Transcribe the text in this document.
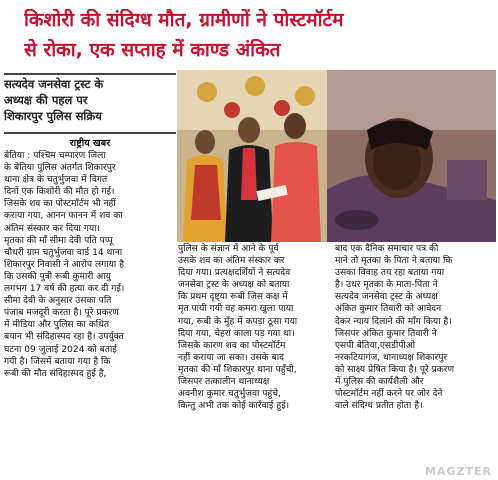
किशोरी की संदिग्ध मौत, ग्रामीणों ने पोस्टमॉर्टम
से रोका, एक सप्ताह में काण्ड अंकित
सत्यदेव जनसेवा ट्रस्ट के
अध्यक्ष की पहल पर
शिकारपुर पुलिस सक्रिय
राष्ट्रीय खबर
बेतिया : पश्चिम चम्पारण जिला
के बेतिया पुलिस अंतर्गत शिकारपुर
थाना क्षेत्र के चतुर्भुजवा में विगत
दिनों एक किशोरी की मौत हो गई।
जिसके शव का पोस्टमॉर्टम भी नहीं
कराया गया, आनन फानन में शव का
अंतिम संस्कार कर दिया गया।
मृतका की माँ सीमा देवी पति पप्पू
चौधरी ग्राम चतुर्भुजवा वार्ड 14 थाना
शिकारपुर निवासी ने आरोप लगाया है
कि उसकी पुत्री रूबी कुमारी आयु
लगभग 17 वर्ष की हत्या कर दी गई।
सीमा देवी के अनुसार उसका पति
पंजाब मजदूरी करता है। पूरे प्रकरण
में मीडिया और पुलिस का कथित
बयान भी संदिहास्पद रहा है। उपर्युक्त
घटना 09 जुलाई 2024 को बताई
गयी है। जिसमें बताया गया है कि
रूबी की मौत संदिहास्पद हुई है,
पुलिस के संज्ञान में आने के पूर्व
उसके शव का अंतिम संस्कार कर
दिया गया। प्रत्यक्षदर्शियों ने सत्यदेव
जनसेवा ट्रस्ट के अध्यक्ष को बताया
कि प्रथम दृष्ट्या रूबी जिस कक्ष में
मृत पायी गयी वह कमरा खुला पाया
गया, रूबी के मुँह में कपड़ा ठूसा गया
दिया गया, चेहरा काला पड़ गया था।
जिसके कारण शव का पोस्टमॉर्टम
नहीं कराया जा सका। उसके बाद
मृतका की माँ शिकारपुर थाना पहुँची,
जिसपर तत्कालीन थानाध्यक्ष
अवनीश कुमार चतुर्भुजवा पहुंचे,
किन्तु अभी तक कोई कार्रवाई हुई।
बाद एक दैनिक समाचार पत्र की
माने तो मृतका के पिता ने बताया कि
उसका विवाह तय रहा बताया गया
है। उधर मृतका के माता-पिता ने
सत्यदेव जनसेवा ट्रस्ट के अध्यक्ष
अंकित कुमार तिवारी को आवेदन
देकर न्याय दिलाने की माँग किया है।
जिसपर अंकित कुमार तिवारी ने
एसपी बेतिया,एसडीपीओ
नरकटियागंज, थानाध्यक्ष शिकारपुर
को साक्ष्य प्रेषित किया है। पूरे प्रकरण
में पुलिस की कार्यशैली और
पोस्टमॉर्टम नहीं करने पर जोर देने
वाले संदिग्ध प्रतीत होता है।
MAGZTER
